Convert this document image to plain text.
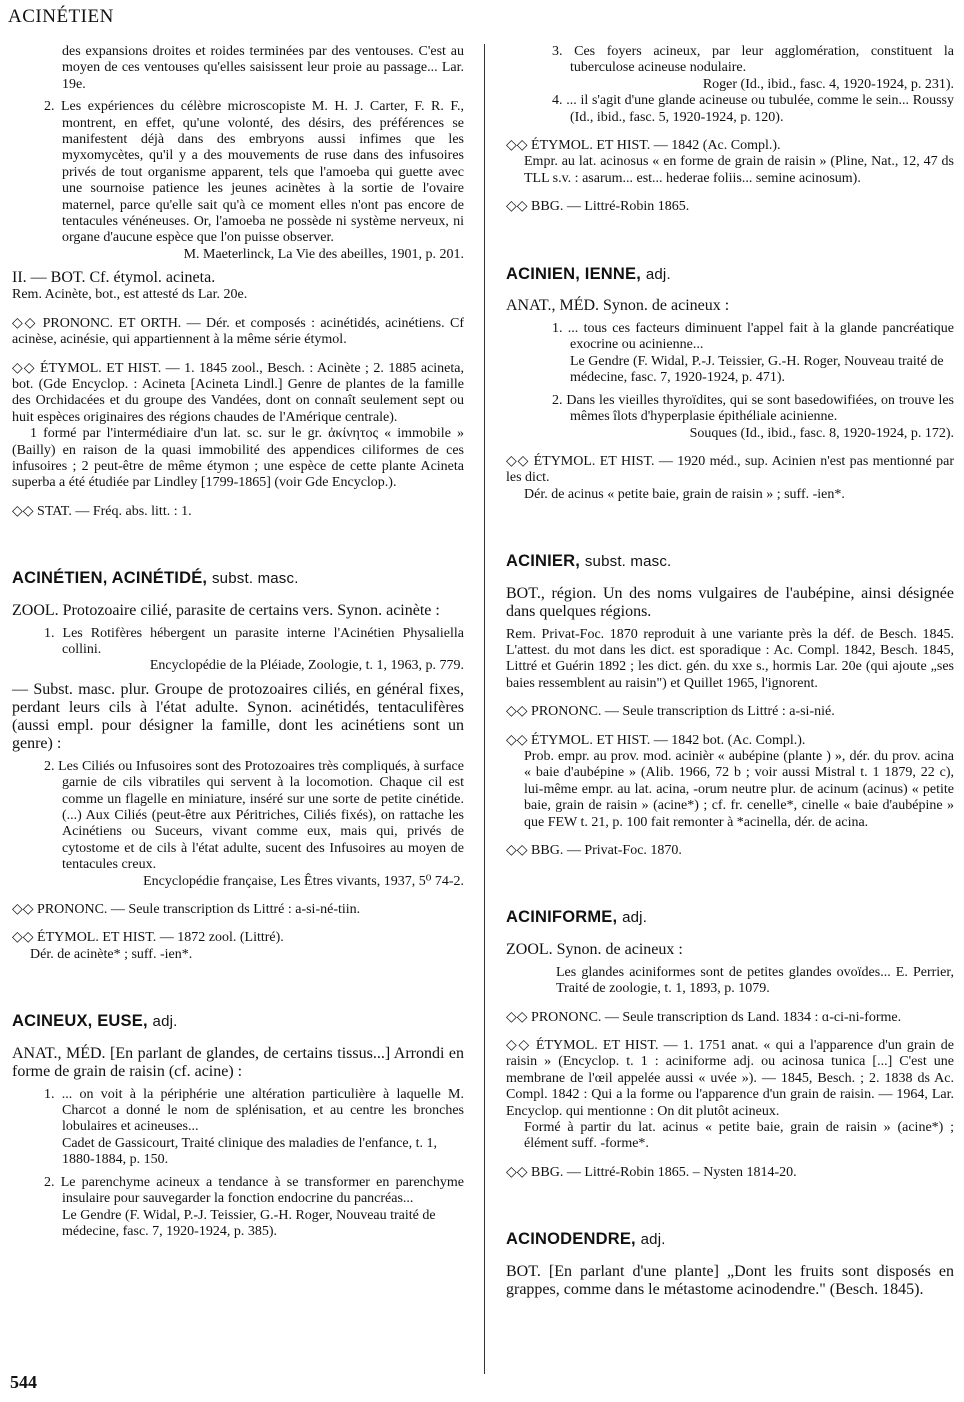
ACINÉTIEN

des expansions droites et roides terminées par des ventouses. C'est au moyen de ces ventouses qu'elles saisissent leur proie au passage... Lar. 19e.

2. Les expériences du célèbre microscopiste M. H. J. Carter, F. R. F., montrent, en effet, qu'une volonté, des désirs, des préférences se manifestent déjà dans des embryons aussi infimes que les myxomycètes, qu'il y a des mouvements de ruse dans des infusoires privés de tout organisme apparent, tels que l'amoeba qui guette avec une sournoise patience les jeunes acinètes à la sortie de l'ovaire maternel, parce qu'elle sait qu'à ce moment elles n'ont pas encore de tentacules vénéneuses. Or, l'amoeba ne possède ni système nerveux, ni organe d'aucune espèce que l'on puisse observer.

M. Maeterlinck, La Vie des abeilles, 1901, p. 201.

II. — BOT. Cf. étymol. acineta.

Rem. Acinète, bot., est attesté ds Lar. 20e.

◇◇ PRONONC. ET ORTH. — Dér. et composés : acinétidés, acinétiens. Cf acinèse, acinésie, qui appartiennent à la même série étymol.

◇◇ ÉTYMOL. ET HIST. — 1. 1845 zool., Besch. : Acinète ; 2. 1885 acineta, bot. (Gde Encyclop. : Acineta [Acineta Lindl.] Genre de plantes de la famille des Orchidacées et du groupe des Vandées, dont on connaît seulement sept ou huit espèces originaires des régions chaudes de l'Amérique centrale).

1 formé par l'intermédiaire d'un lat. sc. sur le gr. ἀκίνητος « immobile » (Bailly) en raison de la quasi immobilité des appendices ciliformes de ces infusoires ; 2 peut-être de même étymon ; une espèce de cette plante Acineta superba a été étudiée par Lindley [1799-1865] (voir Gde Encyclop.).

◇◇ STAT. — Fréq. abs. litt. : 1.

ACINÉTIEN, ACINÉTIDÉ, subst. masc.

ZOOL. Protozoaire cilié, parasite de certains vers. Synon. acinète :

1. Les Rotifères hébergent un parasite interne l'Acinétien Physaliella collini.

Encyclopédie de la Pléiade, Zoologie, t. 1, 1963, p. 779.

— Subst. masc. plur. Groupe de protozoaires ciliés, en général fixes, perdant leurs cils à l'état adulte. Synon. acinétidés, tentaculifères (aussi empl. pour désigner la famille, dont les acinétiens sont un genre) :

2. Les Ciliés ou Infusoires sont des Protozoaires très compliqués, à surface garnie de cils vibratiles qui servent à la locomotion. Chaque cil est comme un flagelle en miniature, inséré sur une sorte de petite cinétide. (...) Aux Ciliés (peut-être aux Péritriches, Ciliés fixés), on rattache les Acinétiens ou Suceurs, vivant comme eux, mais qui, privés de cytostome et de cils à l'état adulte, sucent des Infusoires au moyen de tentacules creux.

Encyclopédie française, Les Êtres vivants, 1937, 5⁰ 74-2.

◇◇ PRONONC. — Seule transcription ds Littré : a-si-né-tiin.

◇◇ ÉTYMOL. ET HIST. — 1872 zool. (Littré).

Dér. de acinète* ; suff. -ien*.

ACINEUX, EUSE, adj.

ANAT., MÉD. [En parlant de glandes, de certains tissus...] Arrondi en forme de grain de raisin (cf. acine) :

1. ... on voit à la périphérie une altération particulière à laquelle M. Charcot a donné le nom de splénisation, et au centre les bronches lobulaires et acineuses...

Cadet de Gassicourt, Traité clinique des maladies de l'enfance, t. 1, 1880-1884, p. 150.

2. Le parenchyme acineux a tendance à se transformer en parenchyme insulaire pour sauvegarder la fonction endocrine du pancréas...

Le Gendre (F. Widal, P.-J. Teissier, G.-H. Roger, Nouveau traité de médecine, fasc. 7, 1920-1924, p. 385).

3. Ces foyers acineux, par leur agglomération, constituent la tuberculose acineuse nodulaire.

Roger (Id., ibid., fasc. 4, 1920-1924, p. 231).

4. ... il s'agit d'une glande acineuse ou tubulée, comme le sein... Roussy (Id., ibid., fasc. 5, 1920-1924, p. 120).

◇◇ ÉTYMOL. ET HIST. — 1842 (Ac. Compl.).

Empr. au lat. acinosus « en forme de grain de raisin » (Pline, Nat., 12, 47 ds TLL s.v. : asarum... est... hederae foliis... semine acinosum).

◇◇ BBG. — Littré-Robin 1865.

ACINIEN, IENNE, adj.

ANAT., MÉD. Synon. de acineux :

1. ... tous ces facteurs diminuent l'appel fait à la glande pancréatique exocrine ou acinienne...

Le Gendre (F. Widal, P.-J. Teissier, G.-H. Roger, Nouveau traité de médecine, fasc. 7, 1920-1924, p. 471).

2. Dans les vieilles thyroïdites, qui se sont basedowifiées, on trouve les mêmes îlots d'hyperplasie épithéliale acinienne.

Souques (Id., ibid., fasc. 8, 1920-1924, p. 172).

◇◇ ÉTYMOL. ET HIST. — 1920 méd., sup. Acinien n'est pas mentionné par les dict.

Dér. de acinus « petite baie, grain de raisin » ; suff. -ien*.

ACINIER, subst. masc.

BOT., région. Un des noms vulgaires de l'aubépine, ainsi désignée dans quelques régions.

Rem. Privat-Foc. 1870 reproduit à une variante près la déf. de Besch. 1845. L'attest. du mot dans les dict. est sporadique : Ac. Compl. 1842, Besch. 1845, Littré et Guérin 1892 ; les dict. gén. du xxe s., hormis Lar. 20e (qui ajoute „ses baies ressemblent au raisin") et Quillet 1965, l'ignorent.

◇◇ PRONONC. — Seule transcription ds Littré : a-si-nié.

◇◇ ÉTYMOL. ET HIST. — 1842 bot. (Ac. Compl.).

Prob. empr. au prov. mod. acinièr « aubépine (plante ) », dér. du prov. acina « baie d'aubépine » (Alib. 1966, 72 b ; voir aussi Mistral t. 1 1879, 22 c), lui-même empr. au lat. acina, -orum neutre plur. de acinum (acinus) « petite baie, grain de raisin » (acine*) ; cf. fr. cenelle*, cinelle « baie d'aubépine » que FEW t. 21, p. 100 fait remonter à *acinella, dér. de acina.

◇◇ BBG. — Privat-Foc. 1870.

ACINIFORME, adj.

ZOOL. Synon. de acineux :

Les glandes aciniformes sont de petites glandes ovoïdes... E. Perrier, Traité de zoologie, t. 1, 1893, p. 1079.

◇◇ PRONONC. — Seule transcription ds Land. 1834 : ɑ-ci-ni-forme.

◇◇ ÉTYMOL. ET HIST. — 1. 1751 anat. « qui a l'apparence d'un grain de raisin » (Encyclop. t. 1 : aciniforme adj. ou acinosa tunica [...] C'est une membrane de l'œil appelée aussi « uvée »). — 1845, Besch. ; 2. 1838 ds Ac. Compl. 1842 : Qui a la forme ou l'apparence d'un grain de raisin. — 1964, Lar. Encyclop. qui mentionne : On dit plutôt acineux.

Formé à partir du lat. acinus « petite baie, grain de raisin » (acine*) ; élément suff. -forme*.

◇◇ BBG. — Littré-Robin 1865. – Nysten 1814-20.

ACINODENDRE, adj.

BOT. [En parlant d'une plante] „Dont les fruits sont disposés en grappes, comme dans le métastome acinodendre." (Besch. 1845).

544
